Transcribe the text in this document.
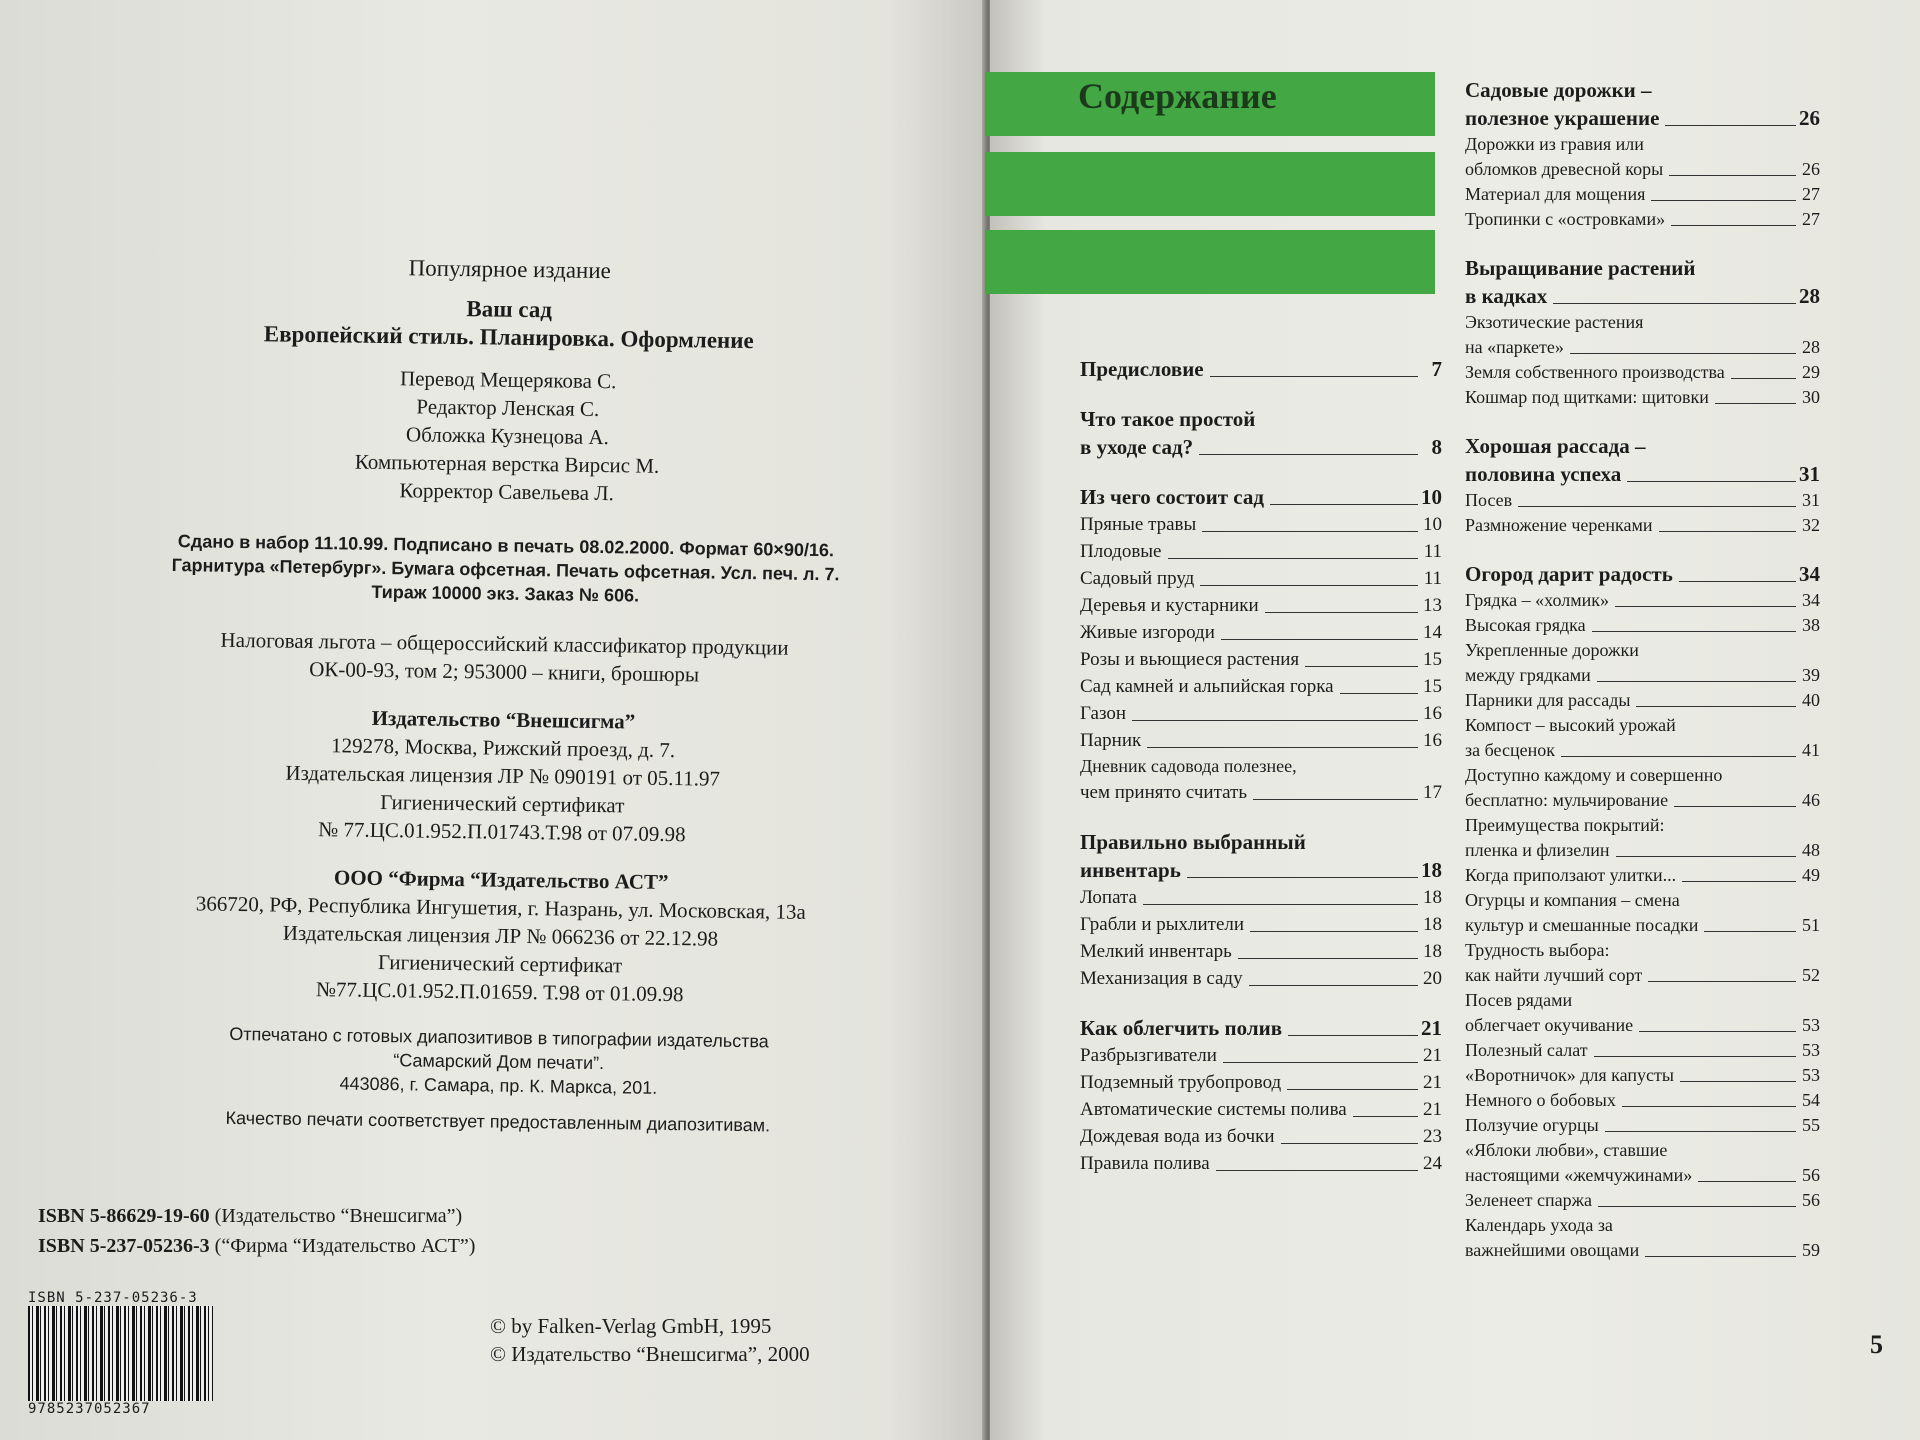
Популярное издание
Ваш сад
Европейский стиль. Планировка. Оформление
Перевод Мещерякова С.
Редактор Ленская С.
Обложка Кузнецова А.
Компьютерная верстка Вирсис М.
Корректор Савельева Л.
Сдано в набор 11.10.99. Подписано в печать 08.02.2000. Формат 60×90/16.
Гарнитура «Петербург». Бумага офсетная. Печать офсетная. Усл. печ. л. 7.
Тираж 10000 экз. Заказ № 606.
Налоговая льгота – общероссийский классификатор продукции
ОК-00-93, том 2; 953000 – книги, брошюры
Издательство “Внешсигма”
129278, Москва, Рижский проезд, д. 7.
Издательская лицензия ЛР № 090191 от 05.11.97
Гигиенический сертификат
№ 77.ЦС.01.952.П.01743.Т.98 от 07.09.98
ООО “Фирма “Издательство АСТ”
366720, РФ, Республика Ингушетия, г. Назрань, ул. Московская, 13а
Издательская лицензия ЛР № 066236 от 22.12.98
Гигиенический сертификат
№77.ЦС.01.952.П.01659. Т.98 от 01.09.98
Отпечатано с готовых диапозитивов в типографии издательства
“Самарский Дом печати”.
443086, г. Самара, пр. К. Маркса, 201.
Качество печати соответствует предоставленным диапозитивам.
ISBN 5-86629-19-60 (Издательство “Внешсигма”)
ISBN 5-237-05236-3 (“Фирма “Издательство АСТ”)
ISBN 5-237-05236-3
9785237052367
© by Falken-Verlag GmbH, 1995
© Издательство “Внешсигма”, 2000
Содержание
Предисловие	7
Что такое простой
в уходе сад?	8
Из чего состоит сад	10
Пряные травы	10
Плодовые	11
Садовый пруд	11
Деревья и кустарники	13
Живые изгороди	14
Розы и вьющиеся растения	15
Сад камней и альпийская горка	15
Газон	16
Парник	16
Дневник садовода полезнее,
чем принято считать	17
Правильно выбранный
инвентарь	18
Лопата	18
Грабли и рыхлители	18
Мелкий инвентарь	18
Механизация в саду	20
Как облегчить полив	21
Разбрызгиватели	21
Подземный трубопровод	21
Автоматические системы полива	21
Дождевая вода из бочки	23
Правила полива	24
Садовые дорожки –
полезное украшение	26
Дорожки из гравия или
обломков древесной коры	26
Материал для мощения	27
Тропинки с «островками»	27
Выращивание растений
в кадках	28
Экзотические растения
на «паркете»	28
Земля собственного производства	29
Кошмар под щитками: щитовки	30
Хорошая рассада –
половина успеха	31
Посев	31
Размножение черенками	32
Огород дарит радость	34
Грядка – «холмик»	34
Высокая грядка	38
Укрепленные дорожки
между грядками	39
Парники для рассады	40
Компост – высокий урожай
за бесценок	41
Доступно каждому и совершенно
бесплатно: мульчирование	46
Преимущества покрытий:
пленка и флизелин	48
Когда приползают улитки...	49
Огурцы и компания – смена
культур и смешанные посадки	51
Трудность выбора:
как найти лучший сорт	52
Посев рядами
облегчает окучивание	53
Полезный салат	53
«Воротничок» для капусты	53
Немного о бобовых	54
Ползучие огурцы	55
«Яблоки любви», ставшие
настоящими «жемчужинами»	56
Зеленеет спаржа	56
Календарь ухода за
важнейшими овощами	59
5
